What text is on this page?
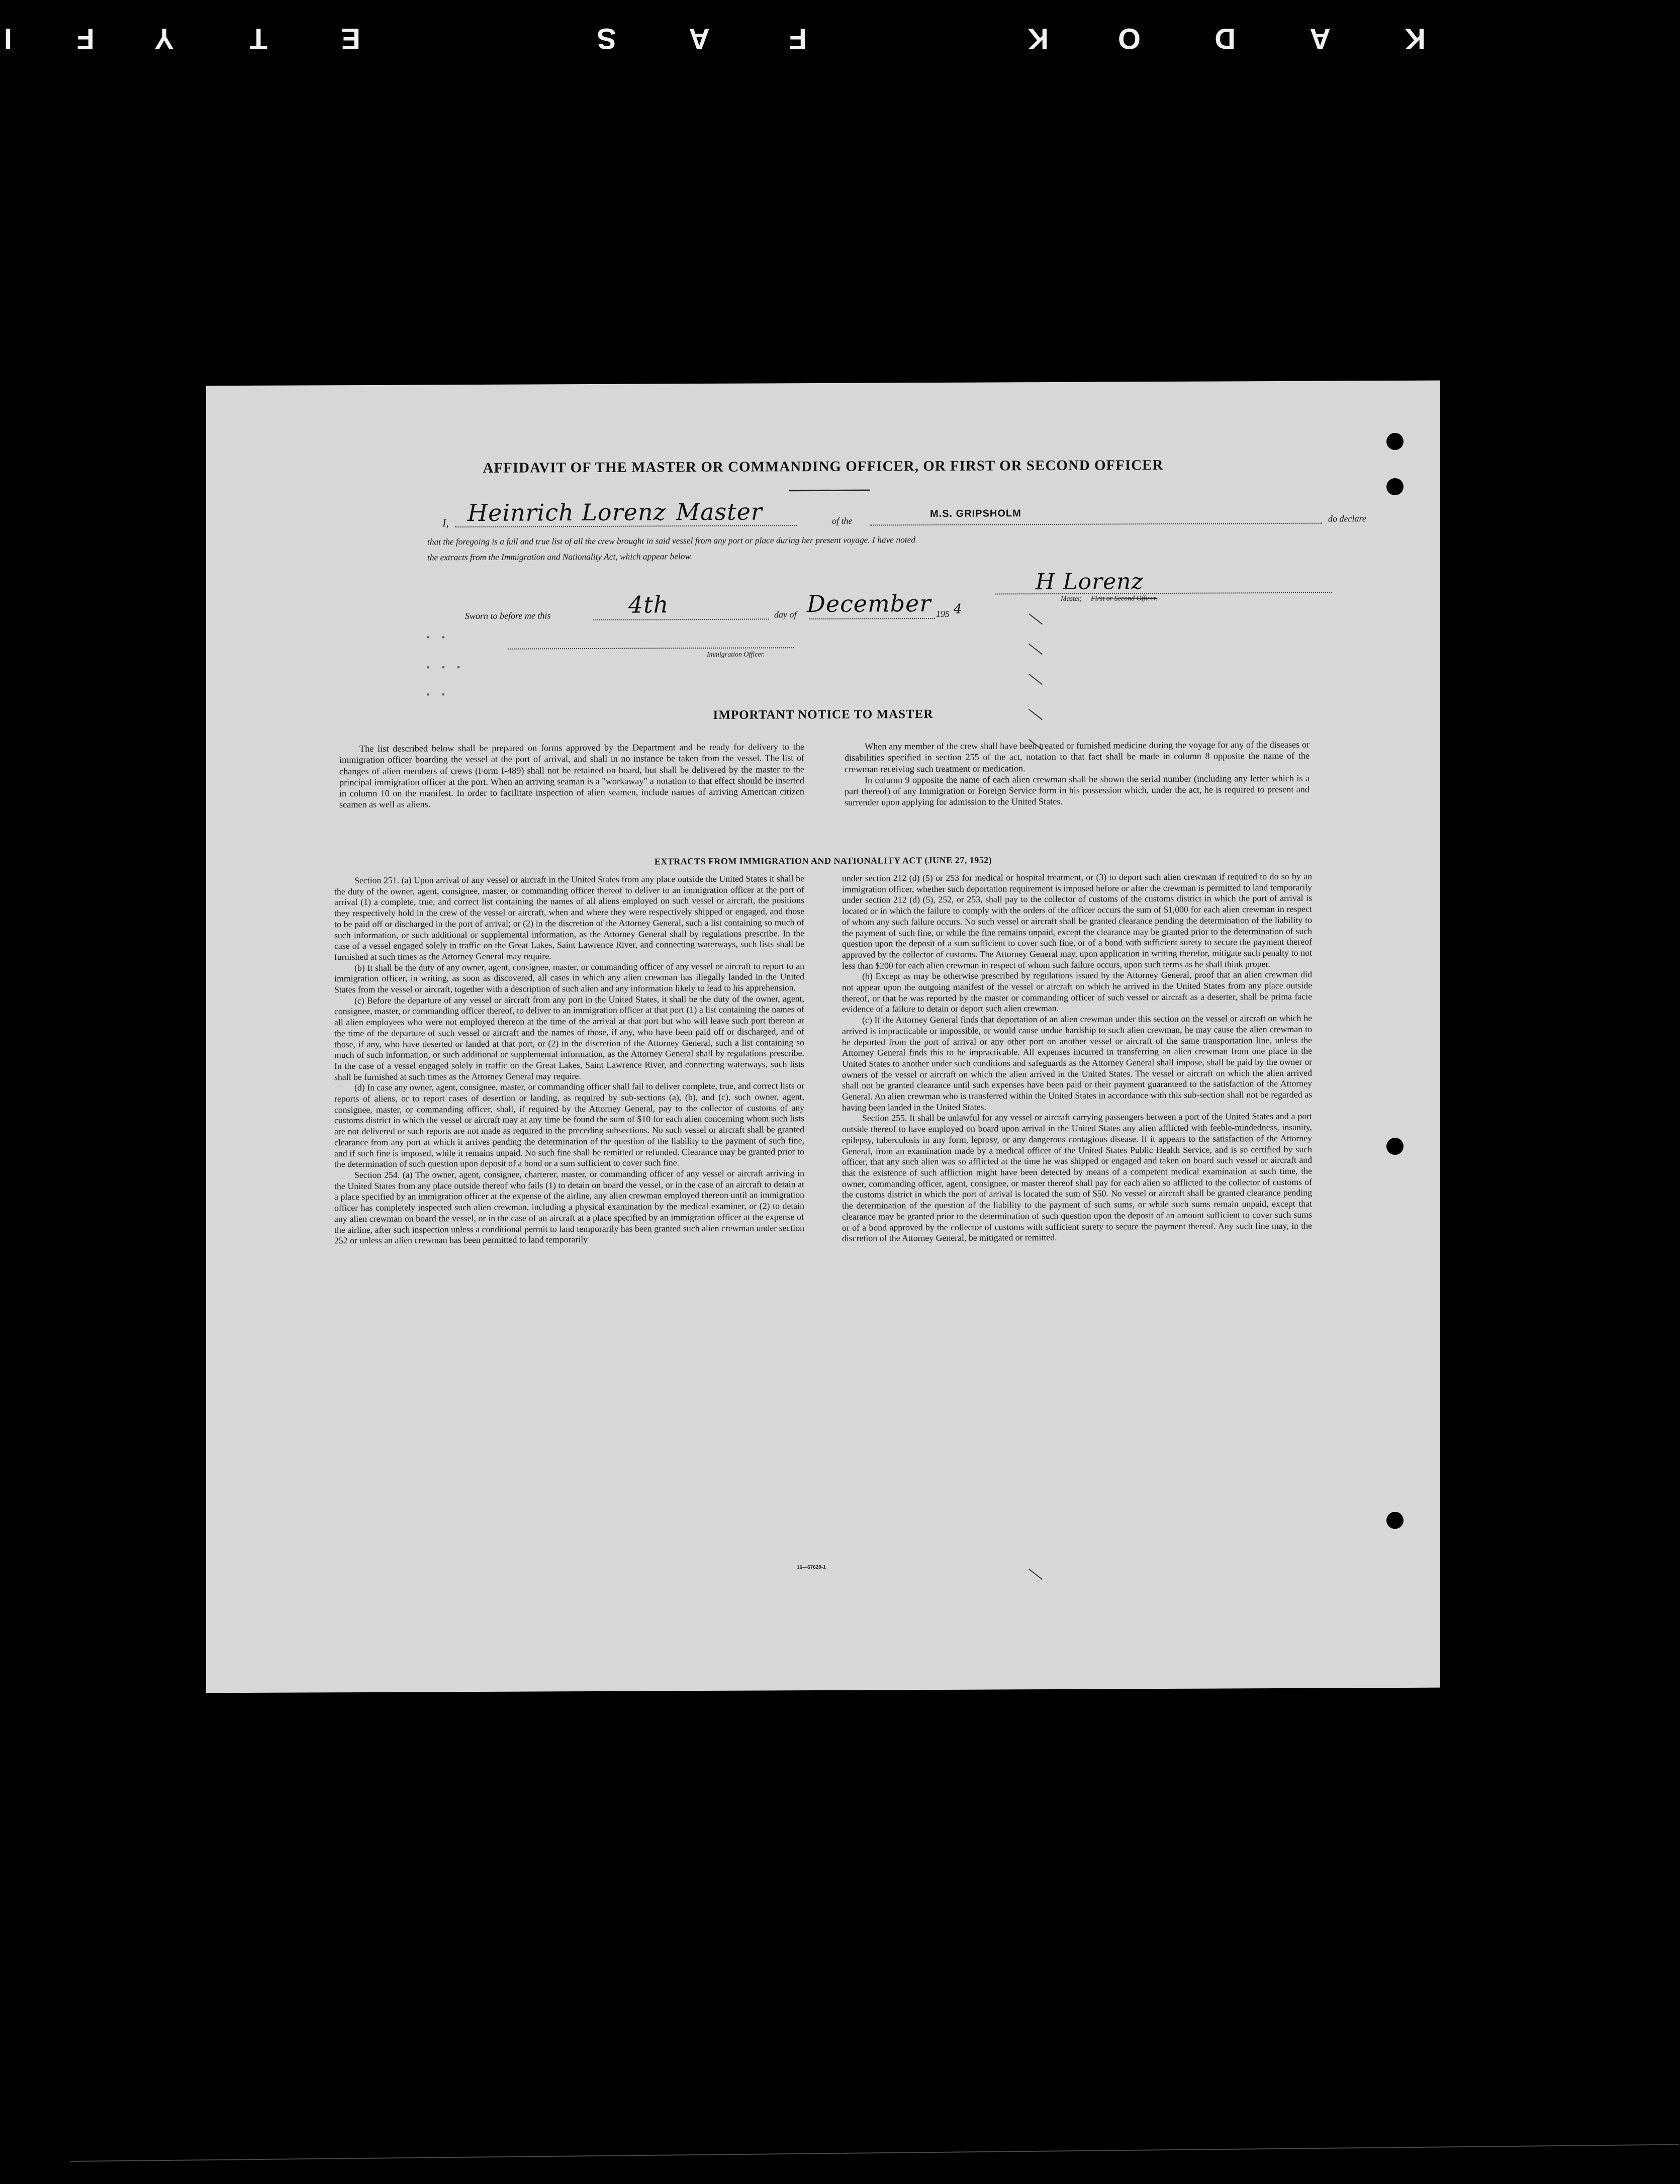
K O	D	A	K
S A	F
E
T
Y
F
I
AFFIDAVIT OF THE MASTER OR COMMANDING OFFICER, OR FIRST OR SECOND OFFICER
I, Heinrich Lorenz Master	of the
M.S. GRIPSHOLM	do declare
that the foregoing is a full and true list of all the crew brought in said vessel from any port or place during her present voyage. I have noted
the extracts from the Immigration and Nationality Act, which appear below.
Sworn to before me this	4th	day of December 195 4
H Lorenz
Master, First or Second Officer.
Immigration Officer.
IMPORTANT NOTICE TO MASTER

The list described below shall be prepared on forms approved by the Department and be ready for delivery to the immigration officer boarding the vessel at the port of arrival, and shall in no instance be taken from the vessel. The list of changes of alien members of crews (Form I-489) shall not be retained on board, but shall be delivered by the master to the principal immigration officer at the port. When an arriving seaman is a "workaway" a notation to that effect should be inserted in column 10 on the manifest. In order to facilitate inspection of alien seamen, include names of arriving American citizen seamen as well as aliens.

When any member of the crew shall have been treated or furnished medicine during the voyage for any of the diseases or disabilities specified in section 255 of the act, notation to that fact shall be made in column 8 opposite the name of the crewman receiving such treatment or medication.

In column 9 opposite the name of each alien crewman shall be shown the serial number (including any letter which is a part thereof) of any Immigration or Foreign Service form in his possession which, under the act, he is required to present and surrender upon applying for admission to the United States.

EXTRACTS FROM IMMIGRATION AND NATIONALITY ACT (JUNE 27, 1952)

Section 251. (a) Upon arrival of any vessel or aircraft in the United States from any place outside the United States it shall be the duty of the owner, agent, consignee, master, or commanding officer thereof to deliver to an immigration officer at the port of arrival (1) a complete, true, and correct list containing the names of all aliens employed on such vessel or aircraft, the positions they respectively hold in the crew of the vessel or aircraft, when and where they were respectively shipped or engaged, and those to be paid off or discharged in the port of arrival; or (2) in the discretion of the Attorney General, such a list containing so much of such information, or such additional or supplemental information, as the Attorney General shall by regulations prescribe. In the case of a vessel engaged solely in traffic on the Great Lakes, Saint Lawrence River, and connecting waterways, such lists shall be furnished at such times as the Attorney General may require.

(b) It shall be the duty of any owner, agent, consignee, master, or commanding officer of any vessel or aircraft to report to an immigration officer, in writing, as soon as discovered, all cases in which any alien crewman has illegally landed in the United States from the vessel or aircraft, together with a description of such alien and any information likely to lead to his apprehension.

(c) Before the departure of any vessel or aircraft from any port in the United States, it shall be the duty of the owner, agent, consignee, master, or commanding officer thereof, to deliver to an immigration officer at that port (1) a list containing the names of all alien employees who were not employed thereon at the time of the arrival at that port but who will leave such port thereon at the time of the departure of such vessel or aircraft and the names of those, if any, who have been paid off or discharged, and of those, if any, who have deserted or landed at that port, or (2) in the discretion of the Attorney General, such a list containing so much of such information, or such additional or supplemental information, as the Attorney General shall by regulations prescribe. In the case of a vessel engaged solely in traffic on the Great Lakes, Saint Lawrence River, and connecting waterways, such lists shall be furnished at such times as the Attorney General may require.

(d) In case any owner, agent, consignee, master, or commanding officer shall fail to deliver complete, true, and correct lists or reports of aliens, or to report cases of desertion or landing, as required by sub-sections (a), (b), and (c), such owner, agent, consignee, master, or commanding officer, shall, if required by the Attorney General, pay to the collector of customs of any customs district in which the vessel or aircraft may at any time be found the sum of $10 for each alien concerning whom such lists are not delivered or such reports are not made as required in the preceding subsections. No such vessel or aircraft shall be granted clearance from any port at which it arrives pending the determination of the question of the liability to the payment of such fine, and if such fine is imposed, while it remains unpaid. No such fine shall be remitted or refunded. Clearance may be granted prior to the determination of such question upon deposit of a bond or a sum sufficient to cover such fine.

Section 254. (a) The owner, agent, consignee, charterer, master, or commanding officer of any vessel or aircraft arriving in the United States from any place outside thereof who fails (1) to detain on board the vessel, or in the case of an aircraft to detain at a place specified by an immigration officer at the expense of the airline, any alien crewman employed thereon until an immigration officer has completely inspected such alien crewman, including a physical examination by the medical examiner, or (2) to detain any alien crewman on board the vessel, or in the case of an aircraft at a place specified by an immigration officer at the expense of the airline, after such inspection unless a conditional permit to land temporarily has been granted such alien crewman under section 252 or unless an alien crewman has been permitted to land temporarily

under section 212 (d) (5) or 253 for medical or hospital treatment, or (3) to deport such alien crewman if required to do so by an immigration officer, whether such deportation requirement is imposed before or after the crewman is permitted to land temporarily under section 212 (d) (5), 252, or 253, shall pay to the collector of customs of the customs district in which the port of arrival is located or in which the failure to comply with the orders of the officer occurs the sum of $1,000 for each alien crewman in respect of whom any such failure occurs. No such vessel or aircraft shall be granted clearance pending the determination of the liability to the payment of such fine, or while the fine remains unpaid, except the clearance may be granted prior to the determination of such question upon the deposit of a sum sufficient to cover such fine, or of a bond with sufficient surety to secure the payment thereof approved by the collector of customs. The Attorney General may, upon application in writing therefor, mitigate such penalty to not less than $200 for each alien crewman in respect of whom such failure occurs, upon such terms as he shall think proper.

(b) Except as may be otherwise prescribed by regulations issued by the Attorney General, proof that an alien crewman did not appear upon the outgoing manifest of the vessel or aircraft on which he arrived in the United States from any place outside thereof, or that he was reported by the master or commanding officer of such vessel or aircraft as a deserter, shall be prima facie evidence of a failure to detain or deport such alien crewman.

(c) If the Attorney General finds that deportation of an alien crewman under this section on the vessel or aircraft on which he arrived is impracticable or impossible, or would cause undue hardship to such alien crewman, he may cause the alien crewman to be deported from the port of arrival or any other port on another vessel or aircraft of the same transportation line, unless the Attorney General finds this to be impracticable. All expenses incurred in transferring an alien crewman from one place in the United States to another under such conditions and safeguards as the Attorney General shall impose, shall be paid by the owner or owners of the vessel or aircraft on which the alien arrived in the United States. The vessel or aircraft on which the alien arrived shall not be granted clearance until such expenses have been paid or their payment guaranteed to the satisfaction of the Attorney General. An alien crewman who is transferred within the United States in accordance with this sub-section shall not be regarded as having been landed in the United States.

Section 255. It shall be unlawful for any vessel or aircraft carrying passengers between a port of the United States and a port outside thereof to have employed on board upon arrival in the United States any alien afflicted with feeble-mindedness, insanity, epilepsy, tuberculosis in any form, leprosy, or any dangerous contagious disease. If it appears to the satisfaction of the Attorney General, from an examination made by a medical officer of the United States Public Health Service, and is so certified by such officer, that any such alien was so afflicted at the time he was shipped or engaged and taken on board such vessel or aircraft and that the existence of such affliction might have been detected by means of a competent medical examination at such time, the owner, commanding officer, agent, consignee, or master thereof shall pay for each alien so afflicted to the collector of customs of the customs district in which the port of arrival is located the sum of $50. No vessel or aircraft shall be granted clearance pending the determination of the question of the liability to the payment of such sums, or while such sums remain unpaid, except that clearance may be granted prior to the determination of such question upon the deposit of an amount sufficient to cover such sums or of a bond approved by the collector of customs with sufficient surety to secure the payment thereof. Any such fine may, in the discretion of the Attorney General, be mitigated or remitted.

16—67629-1
